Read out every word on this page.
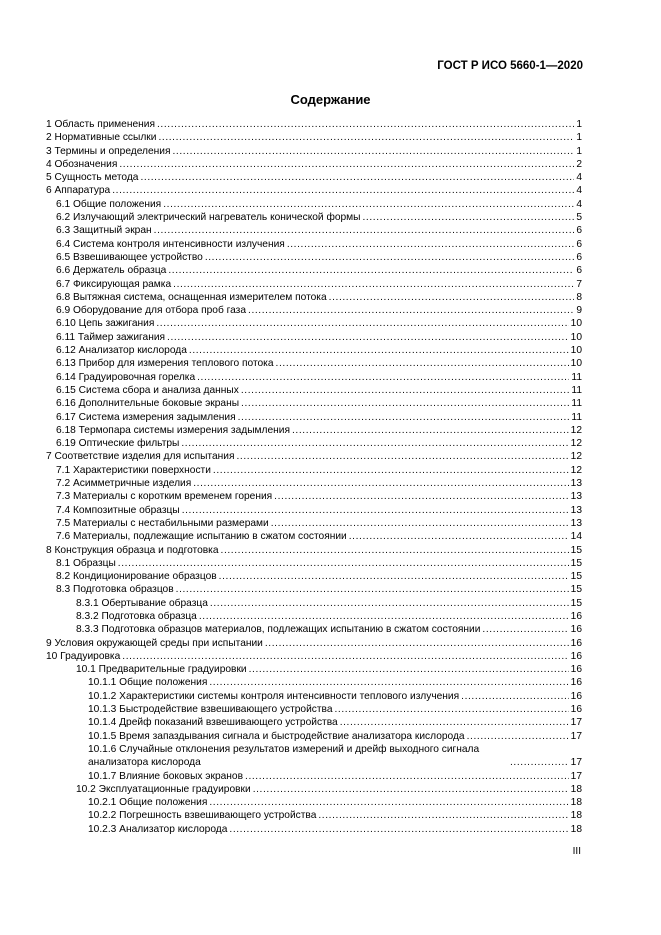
ГОСТ Р ИСО 5660-1—2020
Содержание
1 Область применения .....	1
2 Нормативные ссылки .....	1
3 Термины и определения .....	1
4 Обозначения .....	2
5 Сущность метода .....	4
6 Аппаратура .....	4
6.1 Общие положения .....	4
6.2 Излучающий электрический нагреватель конической формы .....	5
6.3 Защитный экран .....	6
6.4 Система контроля интенсивности излучения .....	6
6.5 Взвешивающее устройство .....	6
6.6 Держатель образца .....	6
6.7 Фиксирующая рамка .....	7
6.8 Вытяжная система, оснащенная измерителем потока .....	8
6.9 Оборудование для отбора проб газа .....	9
6.10 Цепь зажигания .....	10
6.11 Таймер зажигания .....	10
6.12 Анализатор кислорода .....	10
6.13 Прибор для измерения теплового потока .....	10
6.14 Градуировочная горелка .....	11
6.15 Система сбора и анализа данных .....	11
6.16 Дополнительные боковые экраны .....	11
6.17 Система измерения задымления .....	11
6.18 Термопара системы измерения задымления .....	12
6.19 Оптические фильтры .....	12
7 Соответствие изделия для испытания .....	12
7.1 Характеристики поверхности .....	12
7.2 Асимметричные изделия .....	13
7.3 Материалы с коротким временем горения .....	13
7.4 Композитные образцы .....	13
7.5 Материалы с нестабильными размерами .....	13
7.6 Материалы, подлежащие испытанию в сжатом состоянии .....	14
8 Конструкция образца и подготовка .....	15
8.1 Образцы .....	15
8.2 Кондиционирование образцов .....	15
8.3 Подготовка образцов .....	15
8.3.1 Обертывание образца .....	15
8.3.2 Подготовка образца .....	16
8.3.3 Подготовка образцов материалов, подлежащих испытанию в сжатом состоянии .....	16
9 Условия окружающей среды при испытании .....	16
10 Градуировка .....	16
10.1 Предварительные градуировки .....	16
10.1.1 Общие положения .....	16
10.1.2 Характеристики системы контроля интенсивности теплового излучения .....	16
10.1.3 Быстродействие взвешивающего устройства .....	16
10.1.4 Дрейф показаний взвешивающего устройства .....	17
10.1.5 Время запаздывания сигнала и быстродействие анализатора кислорода .....	17
10.1.6 Случайные отклонения результатов измерений и дрейф выходного сигнала анализатора кислорода .....	17
10.1.7 Влияние боковых экранов .....	17
10.2 Эксплуатационные градуировки .....	18
10.2.1 Общие положения .....	18
10.2.2 Погрешность взвешивающего устройства .....	18
10.2.3 Анализатор кислорода .....	18
III
